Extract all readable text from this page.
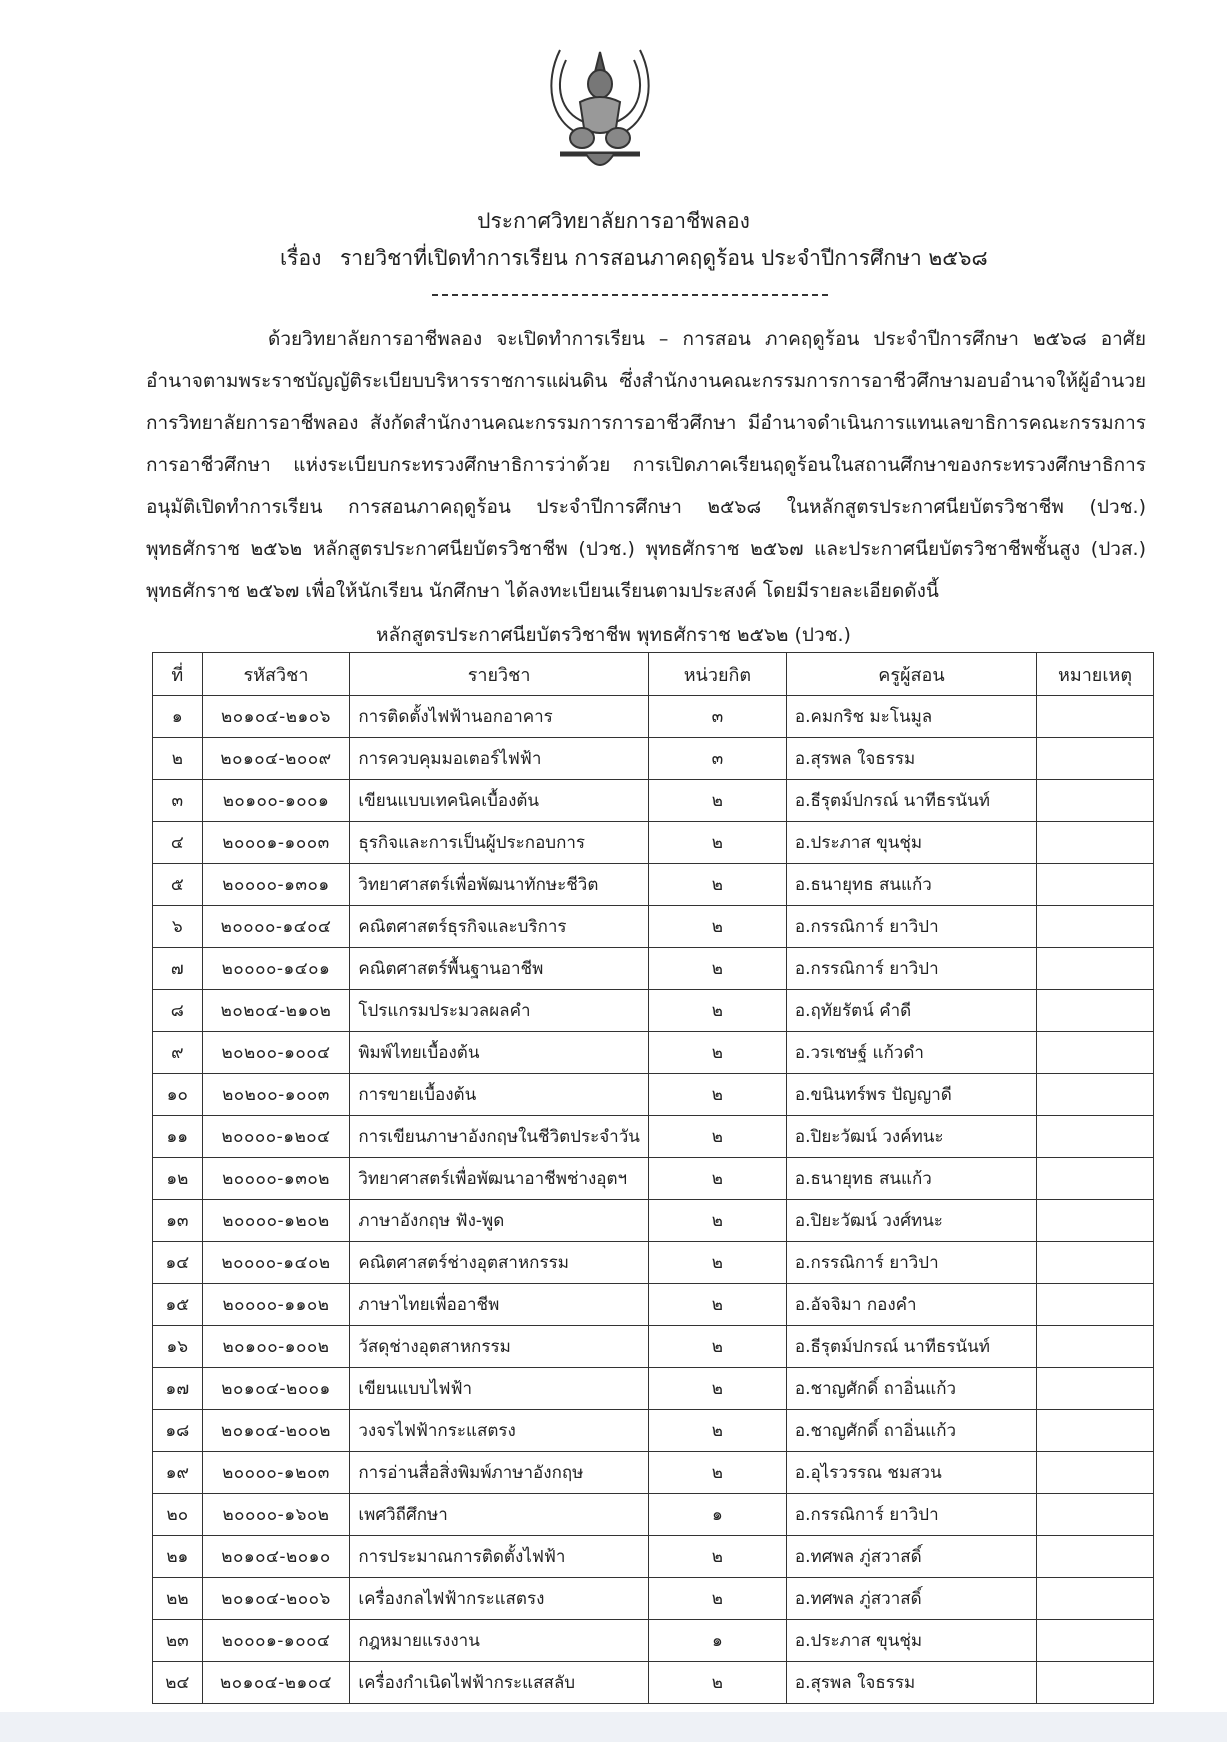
ประกาศวิทยาลัยการอาชีพลอง
เรื่อง รายวิชาที่เปิดทำการเรียน การสอนภาคฤดูร้อน ประจำปีการศึกษา ๒๕๖๘

ด้วยวิทยาลัยการอาชีพลอง จะเปิดทำการเรียน – การสอน ภาคฤดูร้อน ประจำปีการศึกษา ๒๕๖๘ อาศัยอำนาจตามพระราชบัญญัติระเบียบบริหารราชการแผ่นดิน ซึ่งสำนักงานคณะกรรมการการอาชีวศึกษามอบอำนาจให้ผู้อำนวยการวิทยาลัยการอาชีพลอง สังกัดสำนักงานคณะกรรมการการอาชีวศึกษา มีอำนาจดำเนินการแทนเลขาธิการคณะกรรมการการอาชีวศึกษา แห่งระเบียบกระทรวงศึกษาธิการว่าด้วย การเปิดภาคเรียนฤดูร้อนในสถานศึกษาของกระทรวงศึกษาธิการ อนุมัติเปิดทำการเรียน การสอนภาคฤดูร้อน ประจำปีการศึกษา ๒๕๖๘ ในหลักสูตรประกาศนียบัตรวิชาชีพ (ปวช.) พุทธศักราช ๒๕๖๒ หลักสูตรประกาศนียบัตรวิชาชีพ (ปวช.) พุทธศักราช ๒๕๖๗ และประกาศนียบัตรวิชาชีพชั้นสูง (ปวส.) พุทธศักราช ๒๕๖๗ เพื่อให้นักเรียน นักศึกษา ได้ลงทะเบียนเรียนตามประสงค์ โดยมีรายละเอียดดังนี้

หลักสูตรประกาศนียบัตรวิชาชีพ พุทธศักราช ๒๕๖๒ (ปวช.)
ที่	รหัสวิชา	รายวิชา	หน่วยกิต	ครูผู้สอน	หมายเหตุ
๑	๒๐๑๐๔-๒๑๐๖	การติดตั้งไฟฟ้านอกอาคาร	๓	อ.คมกริช มะโนมูล	
๒	๒๐๑๐๔-๒๐๐๙	การควบคุมมอเตอร์ไฟฟ้า	๓	อ.สุรพล ใจธรรม	
๓	๒๐๑๐๐-๑๐๐๑	เขียนแบบเทคนิคเบื้องต้น	๒	อ.ธีรุตม์ปกรณ์ นาทีธรนันท์	
๔	๒๐๐๐๑-๑๐๐๓	ธุรกิจและการเป็นผู้ประกอบการ	๒	อ.ประภาส ขุนชุ่ม	
๕	๒๐๐๐๐-๑๓๐๑	วิทยาศาสตร์เพื่อพัฒนาทักษะชีวิต	๒	อ.ธนายุทธ สนแก้ว	
๖	๒๐๐๐๐-๑๔๐๔	คณิตศาสตร์ธุรกิจและบริการ	๒	อ.กรรณิการ์ ยาวิปา	
๗	๒๐๐๐๐-๑๔๐๑	คณิตศาสตร์พื้นฐานอาชีพ	๒	อ.กรรณิการ์ ยาวิปา	
๘	๒๐๒๐๔-๒๑๐๒	โปรแกรมประมวลผลคำ	๒	อ.ฤทัยรัตน์ คำดี	
๙	๒๐๒๐๐-๑๐๐๔	พิมพ์ไทยเบื้องต้น	๒	อ.วรเชษฐ์ แก้วดำ	
๑๐	๒๐๒๐๐-๑๐๐๓	การขายเบื้องต้น	๒	อ.ขนินทร์พร ปัญญาดี	
๑๑	๒๐๐๐๐-๑๒๐๔	การเขียนภาษาอังกฤษในชีวิตประจำวัน	๒	อ.ปิยะวัฒน์ วงค์ทนะ	
๑๒	๒๐๐๐๐-๑๓๐๒	วิทยาศาสตร์เพื่อพัฒนาอาชีพช่างอุตฯ	๒	อ.ธนายุทธ สนแก้ว	
๑๓	๒๐๐๐๐-๑๒๐๒	ภาษาอังกฤษ ฟัง-พูด	๒	อ.ปิยะวัฒน์ วงศ์ทนะ	
๑๔	๒๐๐๐๐-๑๔๐๒	คณิตศาสตร์ช่างอุตสาหกรรม	๒	อ.กรรณิการ์ ยาวิปา	
๑๕	๒๐๐๐๐-๑๑๐๒	ภาษาไทยเพื่ออาชีพ	๒	อ.อัจจิมา กองคำ	
๑๖	๒๐๑๐๐-๑๐๐๒	วัสดุช่างอุตสาหกรรม	๒	อ.ธีรุตม์ปกรณ์ นาทีธรนันท์	
๑๗	๒๐๑๐๔-๒๐๐๑	เขียนแบบไฟฟ้า	๒	อ.ชาญศักดิ์ ถาอิ่นแก้ว	
๑๘	๒๐๑๐๔-๒๐๐๒	วงจรไฟฟ้ากระแสตรง	๒	อ.ชาญศักดิ์ ถาอิ่นแก้ว	
๑๙	๒๐๐๐๐-๑๒๐๓	การอ่านสื่อสิ่งพิมพ์ภาษาอังกฤษ	๒	อ.อุไรวรรณ ชมสวน	
๒๐	๒๐๐๐๐-๑๖๐๒	เพศวิถีศึกษา	๑	อ.กรรณิการ์ ยาวิปา	
๒๑	๒๐๑๐๔-๒๐๑๐	การประมาณการติดตั้งไฟฟ้า	๒	อ.ทศพล ภู่สวาสดิ์	
๒๒	๒๐๑๐๔-๒๐๐๖	เครื่องกลไฟฟ้ากระแสตรง	๒	อ.ทศพล ภู่สวาสดิ์	
๒๓	๒๐๐๐๑-๑๐๐๔	กฎหมายแรงงาน	๑	อ.ประภาส ขุนชุ่ม	
๒๔	๒๐๑๐๔-๒๑๐๔	เครื่องกำเนิดไฟฟ้ากระแสสลับ	๒	อ.สุรพล ใจธรรม	
